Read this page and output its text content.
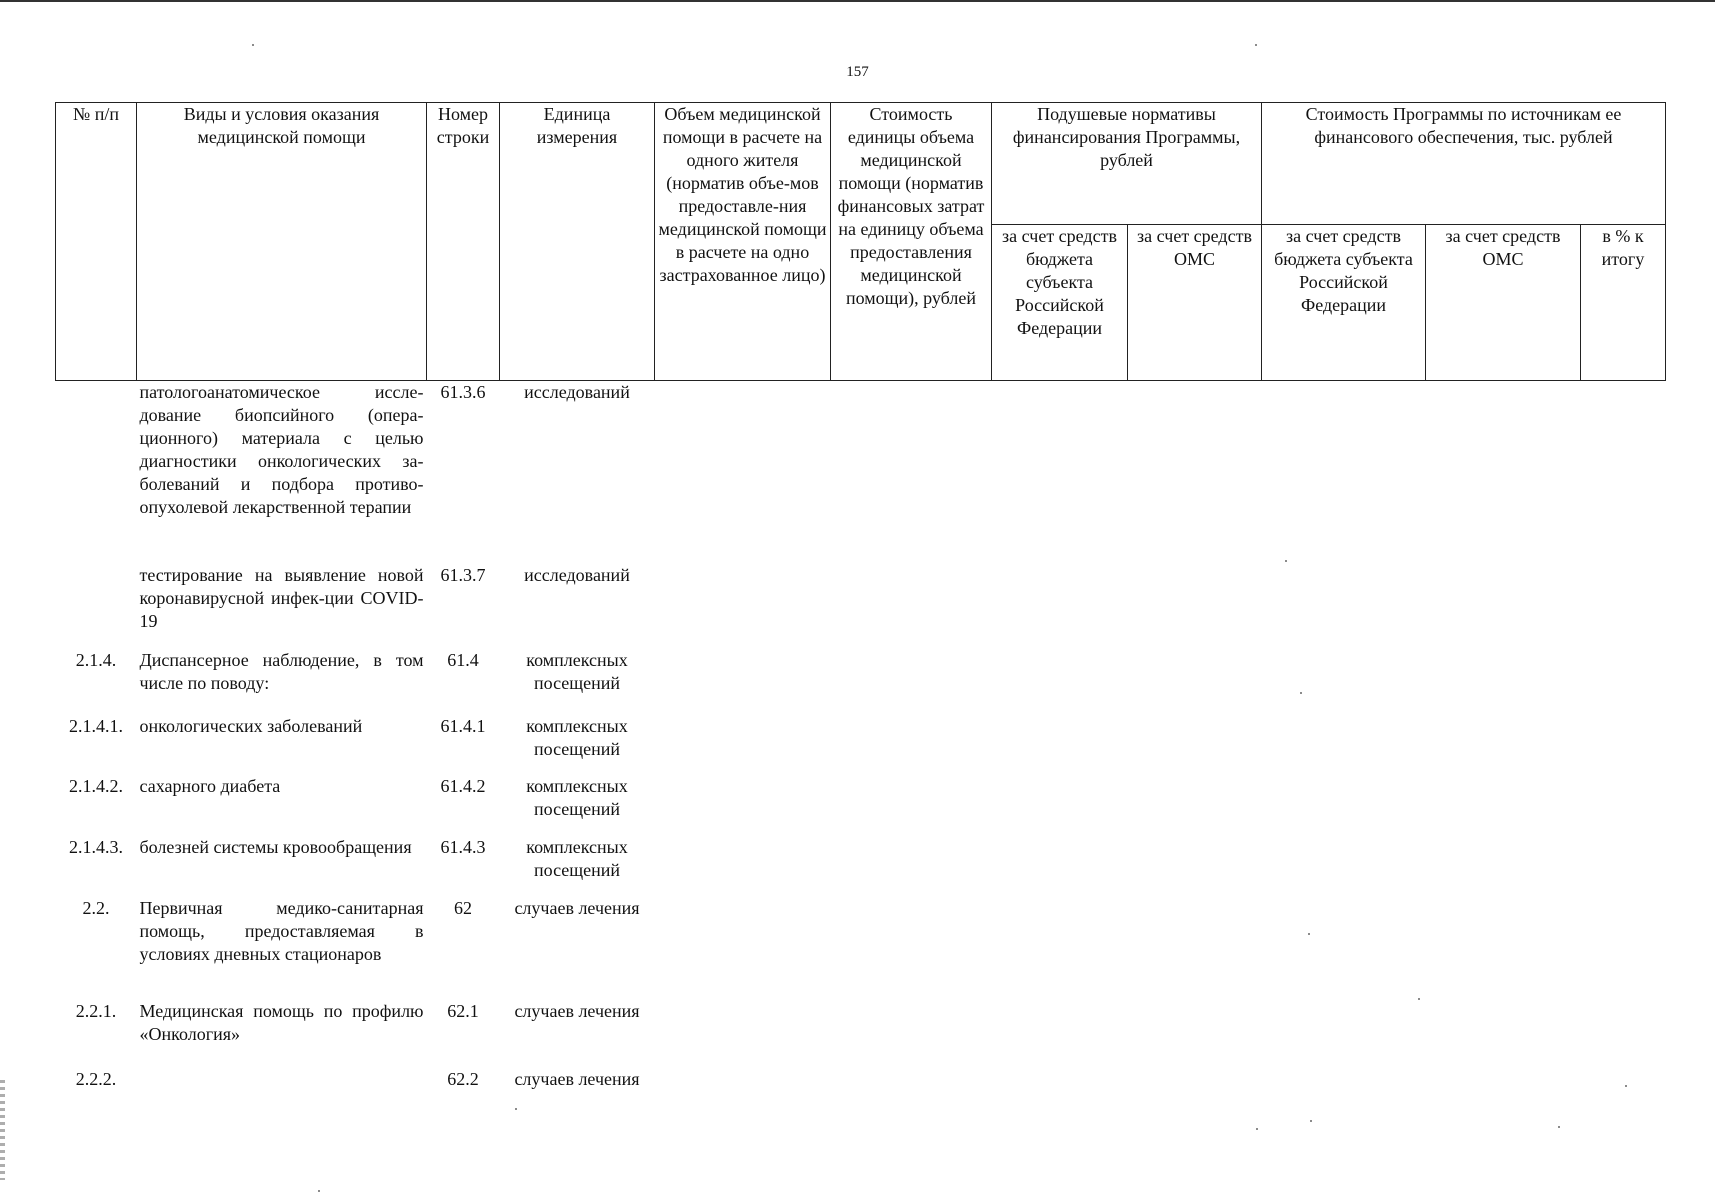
157
№ п/п	Виды и условия оказания медицинской помощи	Номер строки	Единица измерения	Объем медицинской помощи в расчете на одного жителя (норматив объе-мов предоставле-ния медицинской помощи в расчете на одно застрахованное лицо)	Стоимость единицы объема медицинской помощи (норматив финансовых затрат на единицу объема предоставления медицинской помощи), рублей	Подушевые нормативы финансирования Программы, рублей		Стоимость Программы по источникам ее финансового обеспечения, тыс. рублей		
						за счет средств бюджета субъекта Российской Федерации	за счет средств ОМС	за счет средств бюджета субъекта Российской Федерации	за счет средств ОМС	в % к итогу
	патологоанатомическое иссле-дование биопсийного (опера-ционного) материала с целью диагностики онкологических за-болеваний и подбора противо-опухолевой лекарственной терапии	61.3.6	исследований							
	тестирование на выявление новой коронавирусной инфек-ции COVID-19	61.3.7	исследований							
2.1.4.	Диспансерное наблюдение, в том числе по поводу:	61.4	комплексных посещений							
2.1.4.1.	онкологических заболеваний	61.4.1	комплексных посещений							
2.1.4.2.	сахарного диабета	61.4.2	комплексных посещений							
2.1.4.3.	болезней системы кровообращения	61.4.3	комплексных посещений							
2.2.	Первичная медико-санитарная помощь, предоставляемая в условиях дневных стационаров	62	случаев лечения							
2.2.1.	Медицинская помощь по профилю «Онкология»	62.1	случаев лечения							
2.2.2.		62.2	случаев лечения							
